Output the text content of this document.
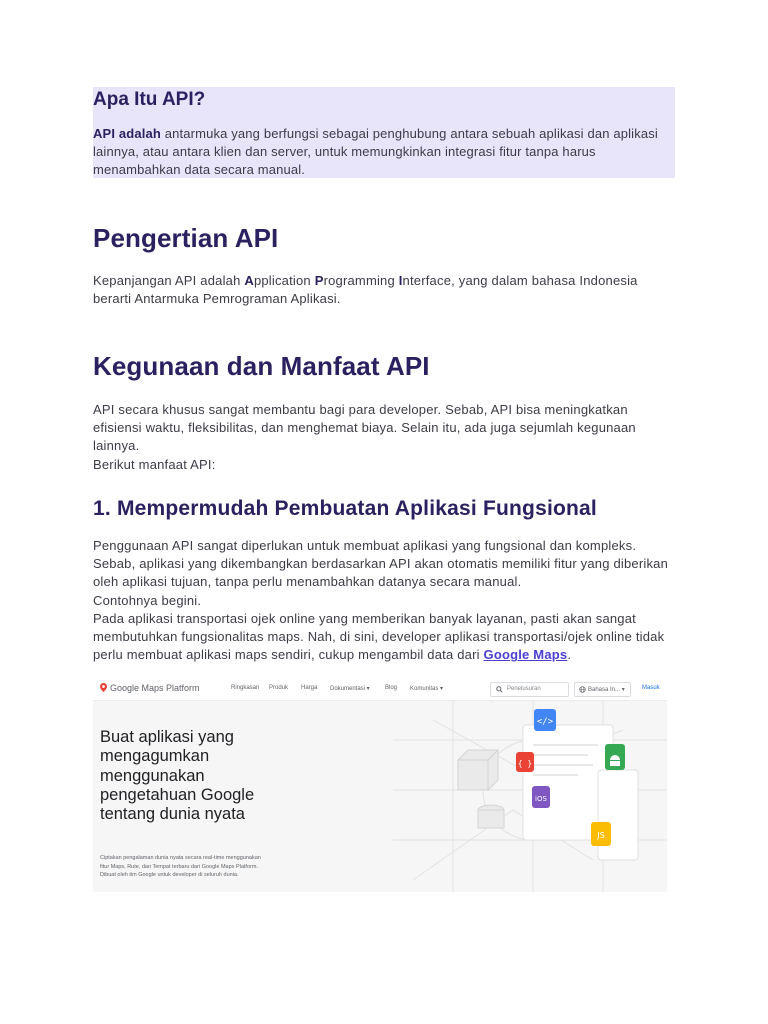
Apa Itu API?

API adalah antarmuka yang berfungsi sebagai penghubung antara sebuah aplikasi dan aplikasi lainnya, atau antara klien dan server, untuk memungkinkan integrasi fitur tanpa harus menambahkan data secara manual.

Pengertian API

Kepanjangan API adalah Application Programming Interface, yang dalam bahasa Indonesia berarti Antarmuka Pemrograman Aplikasi.

Kegunaan dan Manfaat API

API secara khusus sangat membantu bagi para developer. Sebab, API bisa meningkatkan efisiensi waktu, fleksibilitas, dan menghemat biaya. Selain itu, ada juga sejumlah kegunaan lainnya.

Berikut manfaat API:

1. Mempermudah Pembuatan Aplikasi Fungsional

Penggunaan API sangat diperlukan untuk membuat aplikasi yang fungsional dan kompleks. Sebab, aplikasi yang dikembangkan berdasarkan API akan otomatis memiliki fitur yang diberikan oleh aplikasi tujuan, tanpa perlu menambahkan datanya secara manual.

Contohnya begini.

Pada aplikasi transportasi ojek online yang memberikan banyak layanan, pasti akan sangat membutuhkan fungsionalitas maps. Nah, di sini, developer aplikasi transportasi/ojek online tidak perlu membuat aplikasi maps sendiri, cukup mengambil data dari Google Maps.

Google Maps Platform	Ringkasan Produk Harga Dokumentasi ▾	Blog Komunitas ▾	Penelusuran	Bahasa In... ▾	Masuk

Buat aplikasi yang mengagumkan menggunakan pengetahuan Google tentang dunia nyata

Ciptakan pengalaman dunia nyata secara real-time menggunakan fitur Maps, Rute, dan Tempat terbaru dari Google Maps Platform. Dibuat oleh tim Google untuk developer di seluruh dunia.

</>
{ }
iOS
JS
